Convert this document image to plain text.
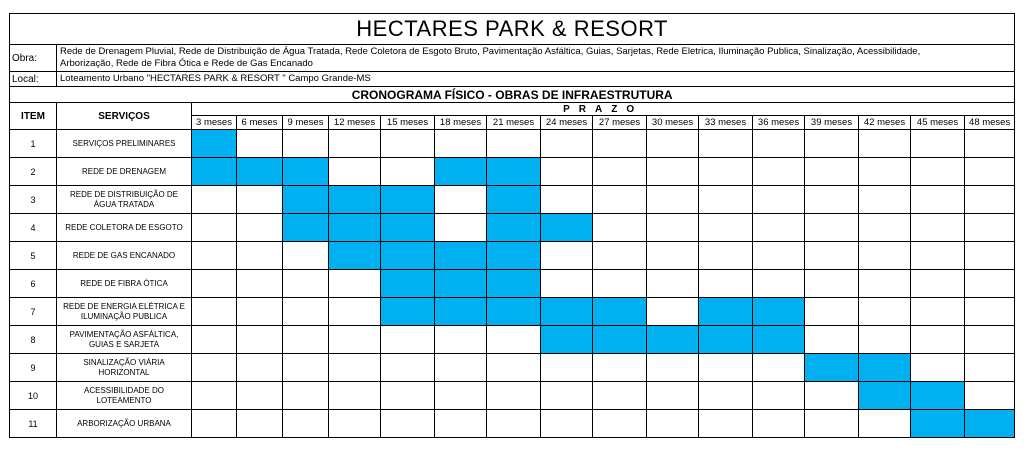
HECTARES PARK & RESORT																	
Obra:	Rede de Drenagem Pluvial, Rede de Distribuição de Água Tratada, Rede Coletora de Esgoto Bruto, Pavimentação Asfáltica, Guias, Sarjetas, Rede Eletrica, Iluminação Publica, Sinalização, Acessibilidade,
Arborização, Rede de Fibra Ótica e Rede de Gas Encanado																

Local:	Loteamento Urbano "HECTARES PARK & RESORT " Campo Grande-MS																
CRONOGRAMA FÍSICO - OBRAS DE INFRAESTRUTURA																	
ITEM	SERVIÇOS	PRAZO															
		3 meses	6 meses	9 meses	12 meses	15 meses	18 meses	21 meses	24 meses	27 meses	30 meses	33 meses	36 meses	39 meses	42 meses	45 meses	48 meses
1	SERVIÇOS PRELIMINARES																

2	REDE DE DRENAGEM																

3	REDE DE DISTRIBUIÇÃO DE
ÁGUA TRATADA																

4	REDE COLETORA DE ESGOTO																

5	REDE DE GAS ENCANADO																

6	REDE DE FIBRA ÓTICA																

7	REDE DE ENERGIA ELÉTRICA E
ILUMINAÇÃO PUBLICA																

8	PAVIMENTAÇÃO ASFÁLTICA,
GUIAS E SARJETA																

9	SINALIZAÇÃO VIÁRIA
HORIZONTAL																

10	ACESSIBILIDADE DO
LOTEAMENTO																

11	ARBORIZAÇÃO URBANA																
